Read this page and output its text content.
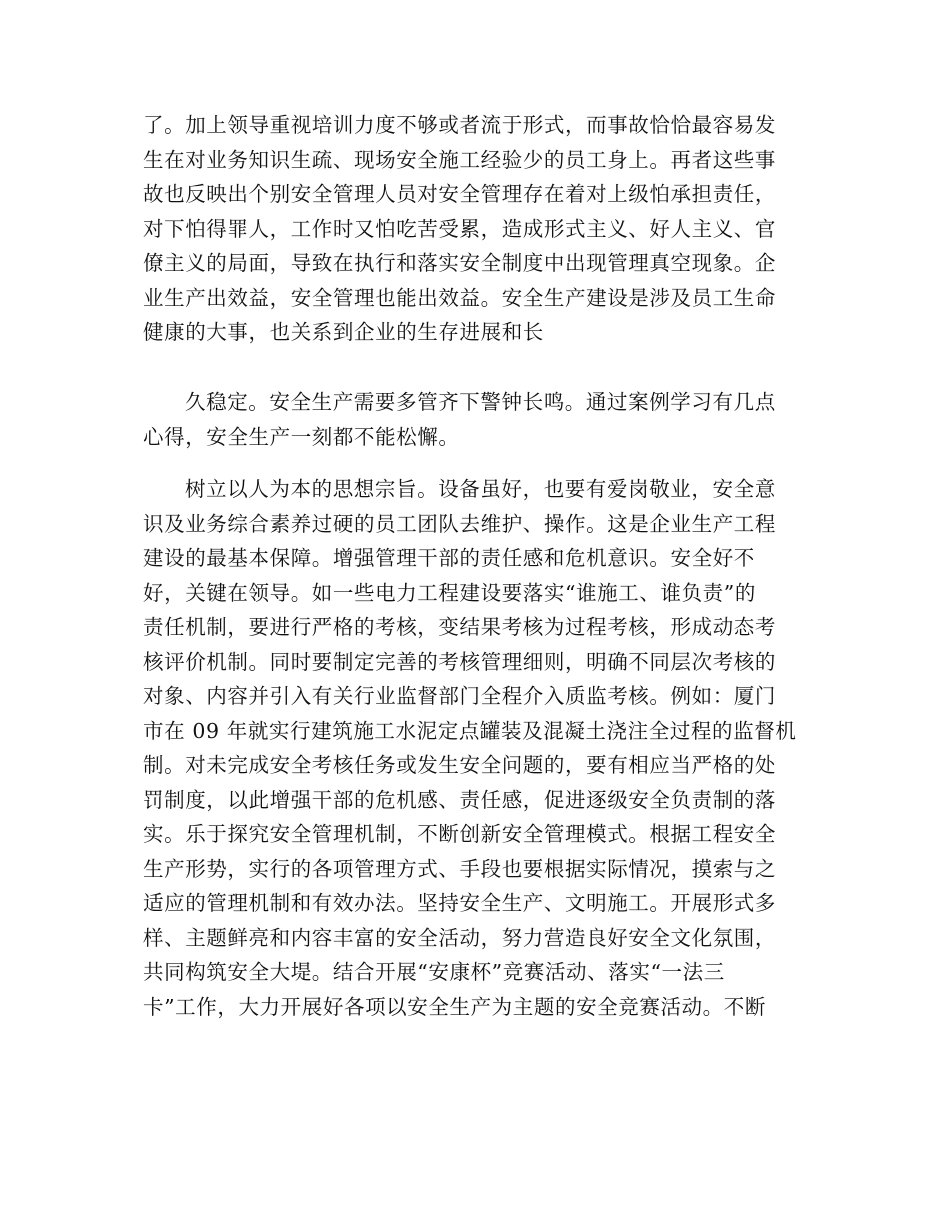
了。加上领导重视培训力度不够或者流于形式，而事故恰恰最容易发
生在对业务知识生疏、现场安全施工经验少的员工身上。再者这些事
故也反映出个别安全管理人员对安全管理存在着对上级怕承担责任，
对下怕得罪人，工作时又怕吃苦受累，造成形式主义、好人主义、官
僚主义的局面，导致在执行和落实安全制度中出现管理真空现象。企
业生产出效益，安全管理也能出效益。安全生产建设是涉及员工生命
健康的大事，也关系到企业的生存进展和长
久稳定。安全生产需要多管齐下警钟长鸣。通过案例学习有几点
心得，安全生产一刻都不能松懈。
树立以人为本的思想宗旨。设备虽好，也要有爱岗敬业，安全意
识及业务综合素养过硬的员工团队去维护、操作。这是企业生产工程
建设的最基本保障。增强管理干部的责任感和危机意识。安全好不
好，关键在领导。如一些电力工程建设要落实“谁施工、谁负责”的
责任机制，要进行严格的考核，变结果考核为过程考核，形成动态考
核评价机制。同时要制定完善的考核管理细则，明确不同层次考核的
对象、内容并引入有关行业监督部门全程介入质监考核。例如：厦门
市在 09 年就实行建筑施工水泥定点罐装及混凝土浇注全过程的监督机
制。对未完成安全考核任务或发生安全问题的，要有相应当严格的处
罚制度，以此增强干部的危机感、责任感，促进逐级安全负责制的落
实。乐于探究安全管理机制，不断创新安全管理模式。根据工程安全
生产形势，实行的各项管理方式、手段也要根据实际情况，摸索与之
适应的管理机制和有效办法。坚持安全生产、文明施工。开展形式多
样、主题鲜亮和内容丰富的安全活动，努力营造良好安全文化氛围，
共同构筑安全大堤。结合开展“安康杯”竞赛活动、落实“一法三
卡”工作，大力开展好各项以安全生产为主题的安全竞赛活动。不断
